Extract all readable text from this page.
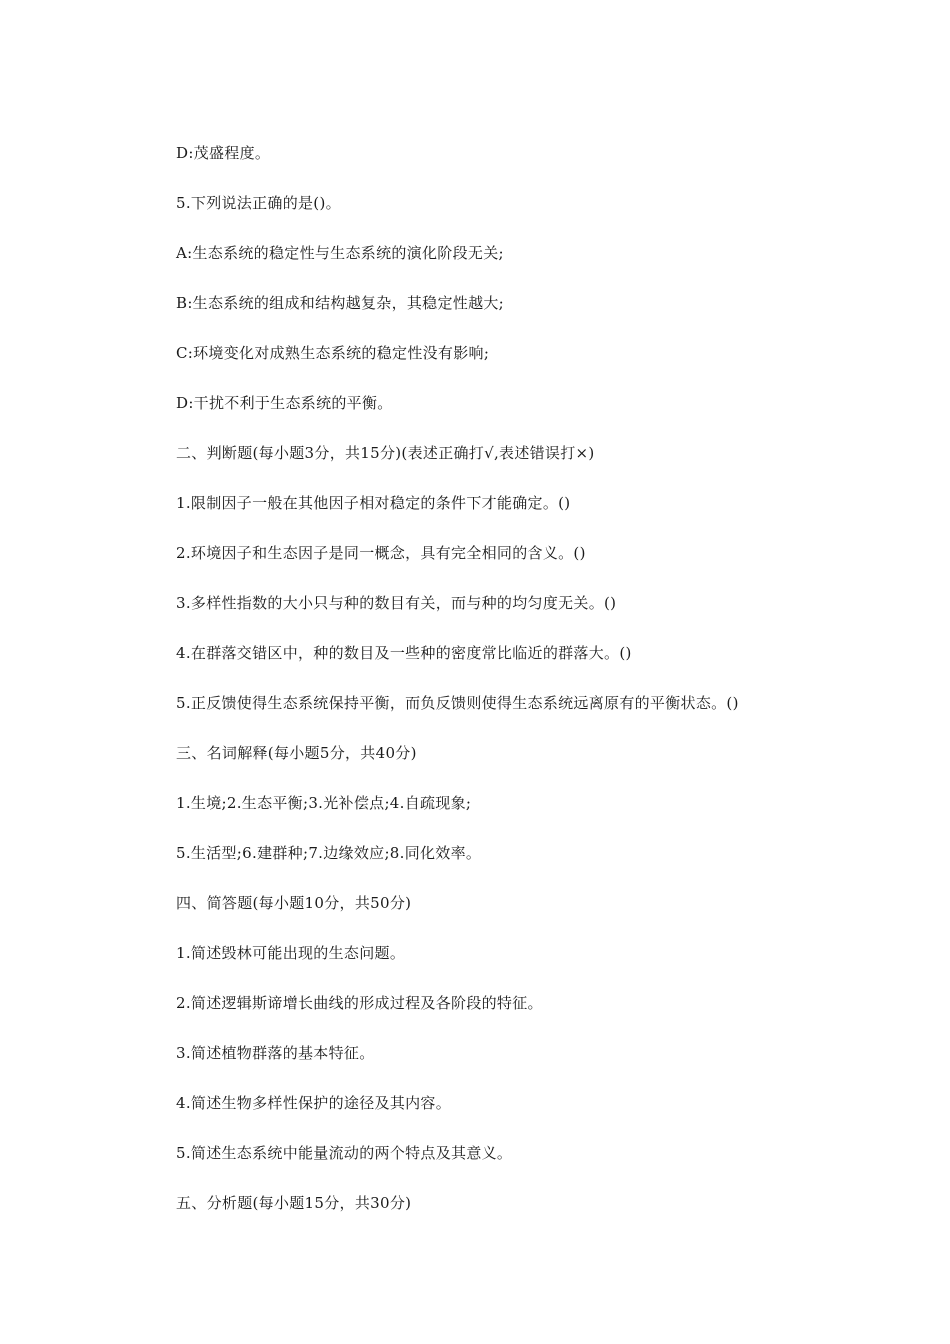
D:茂盛程度。
5.下列说法正确的是()。
A:生态系统的稳定性与生态系统的演化阶段无关;
B:生态系统的组成和结构越复杂，其稳定性越大;
C:环境变化对成熟生态系统的稳定性没有影响;
D:干扰不利于生态系统的平衡。
二、判断题(每小题3分，共15分)(表述正确打√,表述错误打×)
1.限制因子一般在其他因子相对稳定的条件下才能确定。()
2.环境因子和生态因子是同一概念，具有完全相同的含义。()
3.多样性指数的大小只与种的数目有关，而与种的均匀度无关。()
4.在群落交错区中，种的数目及一些种的密度常比临近的群落大。()
5.正反馈使得生态系统保持平衡，而负反馈则使得生态系统远离原有的平衡状态。()
三、名词解释(每小题5分，共40分)
1.生境;2.生态平衡;3.光补偿点;4.自疏现象;
5.生活型;6.建群种;7.边缘效应;8.同化效率。
四、简答题(每小题10分，共50分)
1.简述毁林可能出现的生态问题。
2.简述逻辑斯谛增长曲线的形成过程及各阶段的特征。
3.简述植物群落的基本特征。
4.简述生物多样性保护的途径及其内容。
5.简述生态系统中能量流动的两个特点及其意义。
五、分析题(每小题15分，共30分)
